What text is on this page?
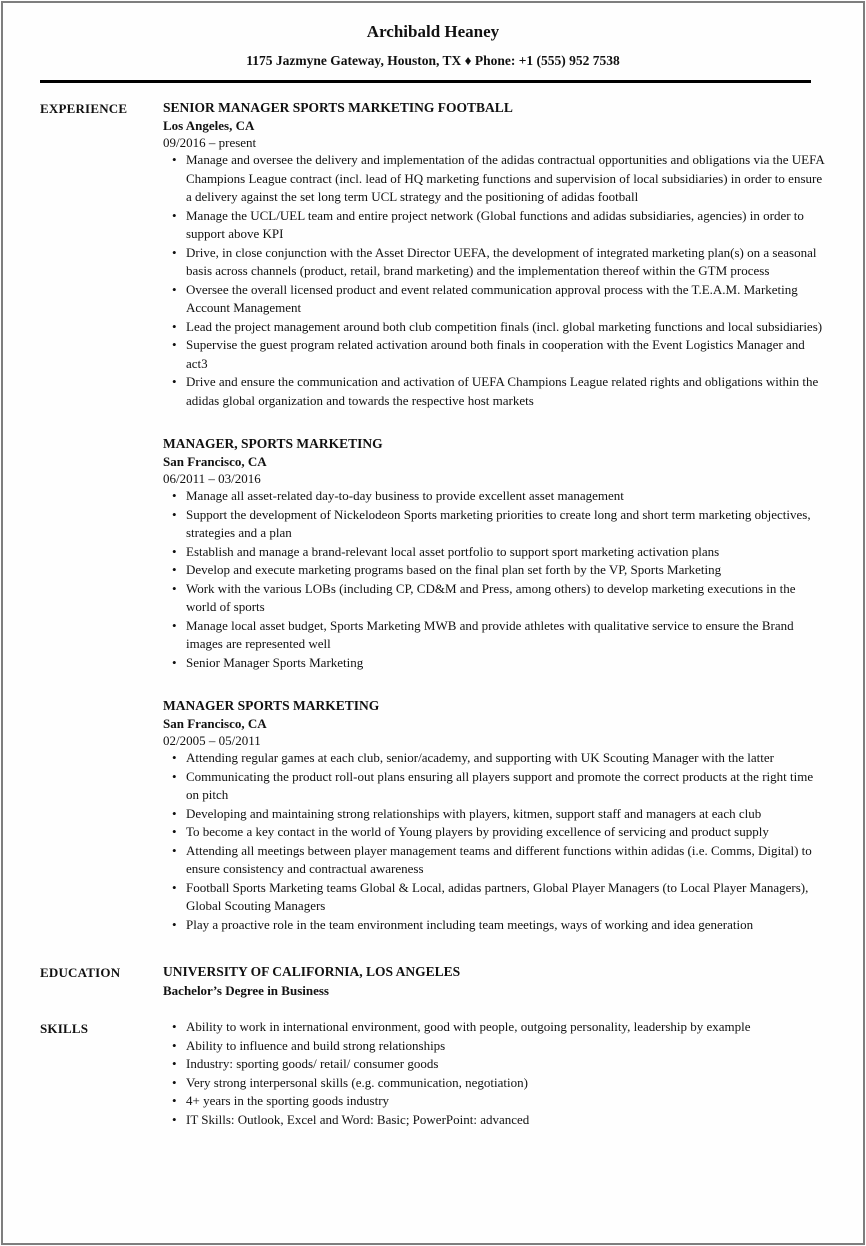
Archibald Heaney
1175 Jazmyne Gateway, Houston, TX ♦ Phone: +1 (555) 952 7538
EXPERIENCE	SENIOR MANAGER SPORTS MARKETING FOOTBALL
Los Angeles, CA
09/2016 – present
• Manage and oversee the delivery and implementation of the adidas contractual opportunities and obligations via the UEFA Champions League contract (incl. lead of HQ marketing functions and supervision of local subsidiaries) in order to ensure a delivery against the set long term UCL strategy and the positioning of adidas football
• Manage the UCL/UEL team and entire project network (Global functions and adidas subsidiaries, agencies) in order to support above KPI
• Drive, in close conjunction with the Asset Director UEFA, the development of integrated marketing plan(s) on a seasonal basis across channels (product, retail, brand marketing) and the implementation thereof within the GTM process
• Oversee the overall licensed product and event related communication approval process with the T.E.A.M. Marketing Account Management
• Lead the project management around both club competition finals (incl. global marketing functions and local subsidiaries)
• Supervise the guest program related activation around both finals in cooperation with the Event Logistics Manager and act3
• Drive and ensure the communication and activation of UEFA Champions League related rights and obligations within the adidas global organization and towards the respective host markets
MANAGER, SPORTS MARKETING
San Francisco, CA
06/2011 – 03/2016
• Manage all asset-related day-to-day business to provide excellent asset management
• Support the development of Nickelodeon Sports marketing priorities to create long and short term marketing objectives, strategies and a plan
• Establish and manage a brand-relevant local asset portfolio to support sport marketing activation plans
• Develop and execute marketing programs based on the final plan set forth by the VP, Sports Marketing
• Work with the various LOBs (including CP, CD&M and Press, among others) to develop marketing executions in the world of sports
• Manage local asset budget, Sports Marketing MWB and provide athletes with qualitative service to ensure the Brand images are represented well
• Senior Manager Sports Marketing
MANAGER SPORTS MARKETING
San Francisco, CA
02/2005 – 05/2011
• Attending regular games at each club, senior/academy, and supporting with UK Scouting Manager with the latter
• Communicating the product roll-out plans ensuring all players support and promote the correct products at the right time on pitch
• Developing and maintaining strong relationships with players, kitmen, support staff and managers at each club
• To become a key contact in the world of Young players by providing excellence of servicing and product supply
• Attending all meetings between player management teams and different functions within adidas (i.e. Comms, Digital) to ensure consistency and contractual awareness
• Football Sports Marketing teams Global & Local, adidas partners, Global Player Managers (to Local Player Managers), Global Scouting Managers
• Play a proactive role in the team environment including team meetings, ways of working and idea generation
EDUCATION	UNIVERSITY OF CALIFORNIA, LOS ANGELES
Bachelor’s Degree in Business
SKILLS	• Ability to work in international environment, good with people, outgoing personality, leadership by example
• Ability to influence and build strong relationships
• Industry: sporting goods/ retail/ consumer goods
• Very strong interpersonal skills (e.g. communication, negotiation)
• 4+ years in the sporting goods industry
• IT Skills: Outlook, Excel and Word: Basic; PowerPoint: advanced
